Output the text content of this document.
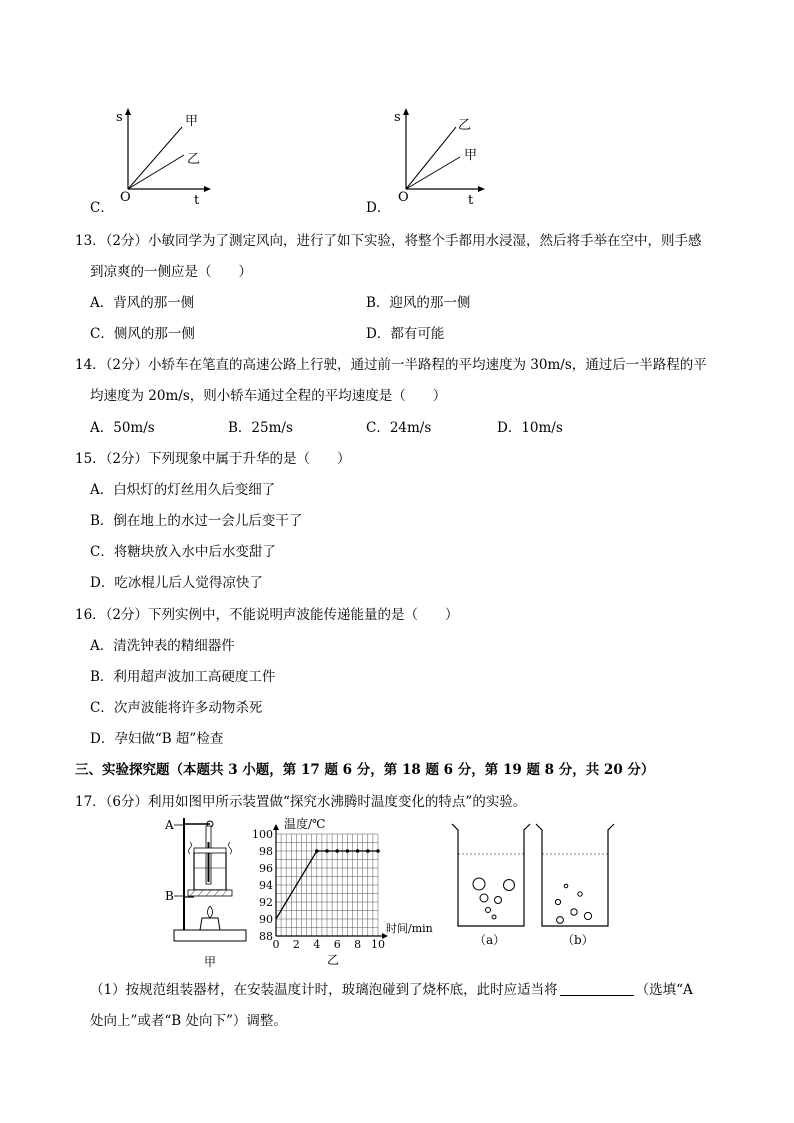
C．
s
O	t
甲
乙
D．
s
O	t
乙
甲
13．（2分）小敏同学为了测定风向，进行了如下实验，将整个手都用水浸湿，然后将手举在空中，则手感
到凉爽的一侧应是（　　）
A．背风的那一侧	B．迎风的那一侧
C．侧风的那一侧	D．都有可能
14．（2分）小轿车在笔直的高速公路上行驶，通过前一半路程的平均速度为 30m/s，通过后一半路程的平
均速度为 20m/s，则小轿车通过全程的平均速度是（　　）
A．50m/s	B．25m/s	C．24m/s	D．10m/s
15．（2分）下列现象中属于升华的是（　　）
A．白炽灯的灯丝用久后变细了
B．倒在地上的水过一会儿后变干了
C．将糖块放入水中后水变甜了
D．吃冰棍儿后人觉得凉快了
16．（2分）下列实例中，不能说明声波能传递能量的是（　　）
A．清洗钟表的精细器件
B．利用超声波加工高硬度工件
C．次声波能将许多动物杀死
D．孕妇做“B 超”检查
三、实验探究题（本题共 3 小题，第 17 题 6 分，第 18 题 6 分，第 19 题 8 分，共 20 分）
17．（6分）利用如图甲所示装置做“探究水沸腾时温度变化的特点”的实验。
A
B
甲
0 2 4 6 8 10
88
90
92
94
96
98
100
温度/℃
时间/min
乙
（a）	（b）
（1）按规范组装器材，在安装温度计时，玻璃泡碰到了烧杯底，此时应适当将	（选填“A
处向上”或者“B 处向下”）调整。
